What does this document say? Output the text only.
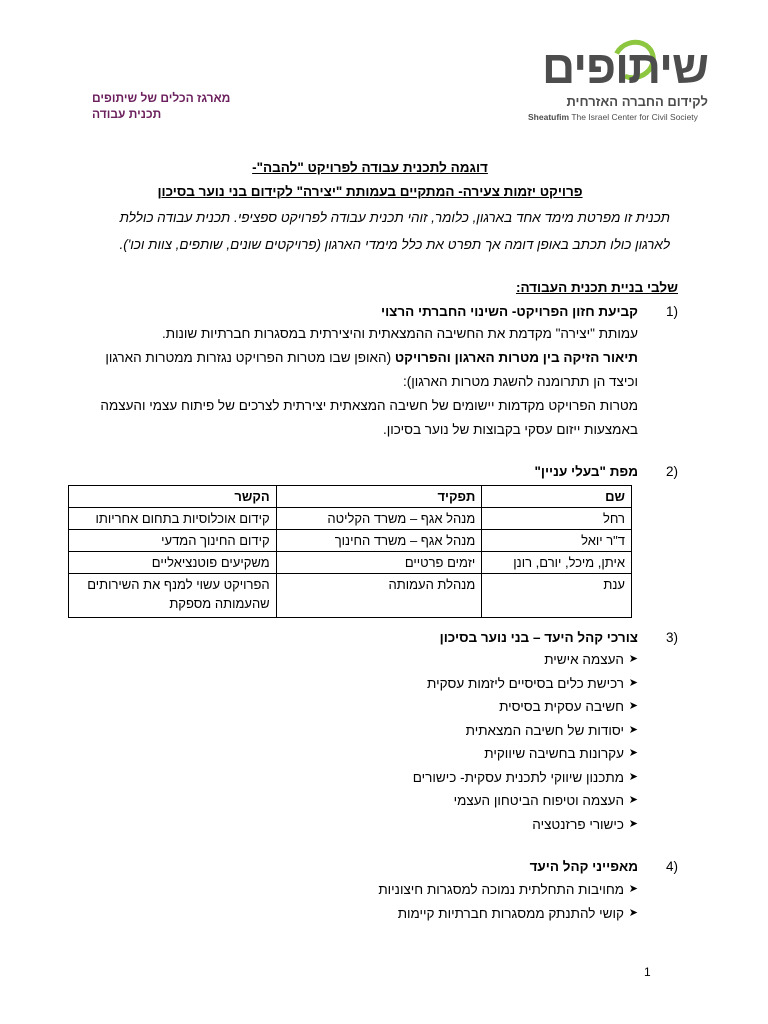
מארגז הכלים של שיתופים
תכנית עבודה
שיתופים
לקידום החברה האזרחית
Sheatufim The Israel Center for Civil Society
דוגמה לתכנית עבודה לפרויקט "להבה"-
פרויקט יזמות צעירה- המתקיים בעמותת "יצירה" לקידום בני נוער בסיכון
תכנית זו מפרטת מימד אחד בארגון, כלומר, זוהי תכנית עבודה לפרויקט ספציפי. תכנית עבודה כוללת
לארגון כולו תכתב באופן דומה אך תפרט את כלל מימדי הארגון (פרויקטים שונים, שותפים, צוות וכו').
שלבי בניית תכנית העבודה:
1)
קביעת חזון הפרויקט- השינוי החברתי הרצוי
עמותת "יצירה" מקדמת את החשיבה ההמצאתית והיצירתית במסגרות חברתיות שונות.
תיאור הזיקה בין מטרות הארגון והפרויקט (האופן שבו מטרות הפרויקט נגזרות ממטרות הארגון
וכיצד הן תתרומנה להשגת מטרות הארגון):
מטרות הפרויקט מקדמות יישומים של חשיבה המצאתית יצירתית לצרכים של פיתוח עצמי והעצמה
באמצעות ייזום עסקי בקבוצות של נוער בסיכון.
2)
מפת "בעלי עניין"
שם	תפקיד	הקשר
רחל	מנהל אגף – משרד הקליטה	קידום אוכלוסיות בתחום אחריותו
ד"ר יואל	מנהל אגף – משרד החינוך	קידום החינוך המדעי
איתן, מיכל, יורם, רונן	יזמים פרטיים	משקיעים פוטנציאליים
ענת	מנהלת העמותה	הפרויקט עשוי למנף את השירותים שהעמותה מספקת
3)
צורכי קהל היעד – בני נוער בסיכון
➤
העצמה אישית
➤
רכישת כלים בסיסיים ליזמות עסקית
➤
חשיבה עסקית בסיסית
➤
יסודות של חשיבה המצאתית
➤
עקרונות בחשיבה שיווקית
➤
מתכנון שיווקי לתכנית עסקית- כישורים
➤
העצמה וטיפוח הביטחון העצמי
➤
כישורי פרזנטציה
4)
מאפייני קהל היעד
➤
מחויבות התחלתית נמוכה למסגרות חיצוניות
➤
קושי להתנתק ממסגרות חברתיות קיימות
1
